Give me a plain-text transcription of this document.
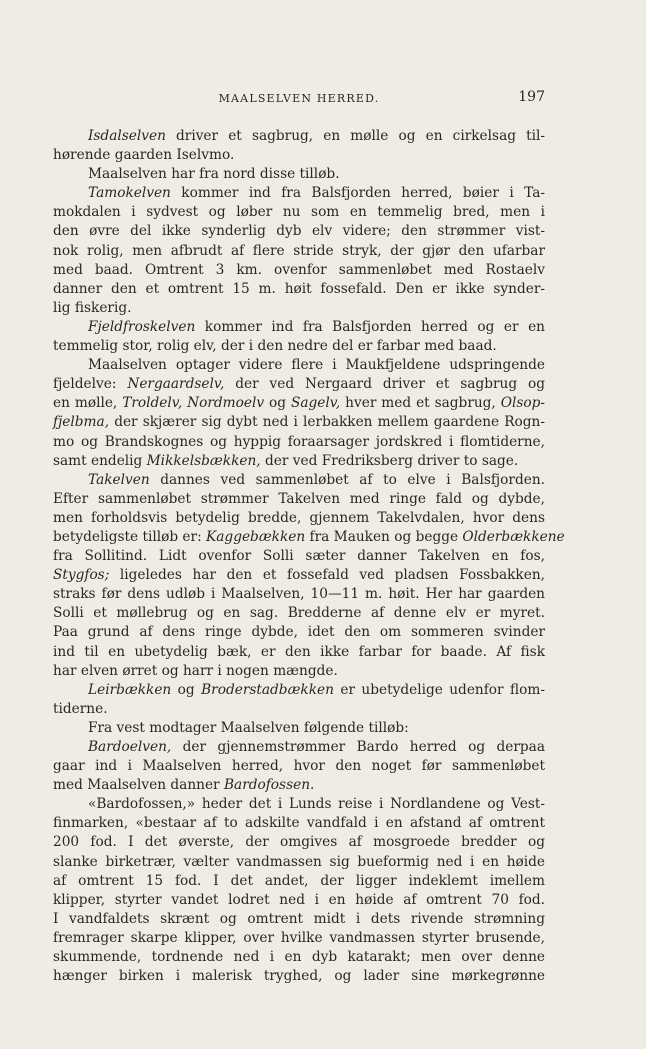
MAALSELVEN HERRED.	197
Isdalselven driver et sagbrug, en mølle og en cirkelsag til-
hørende gaarden Iselvmo.
Maalselven har fra nord disse tilløb.
Tamokelven kommer ind fra Balsfjorden herred, bøier i Ta-
mokdalen i sydvest og løber nu som en temmelig bred, men i
den øvre del ikke synderlig dyb elv videre; den strømmer vist-
nok rolig, men afbrudt af flere stride stryk, der gjør den ufarbar
med baad. Omtrent 3 km. ovenfor sammenløbet med Rostaelv
danner den et omtrent 15 m. høit fossefald. Den er ikke synder-
lig fiskerig.
Fjeldfroskelven kommer ind fra Balsfjorden herred og er en
temmelig stor, rolig elv, der i den nedre del er farbar med baad.
Maalselven optager videre flere i Maukfjeldene udspringende
fjeldelve: Nergaardselv, der ved Nergaard driver et sagbrug og
en mølle, Troldelv, Nordmoelv og Sagelv, hver med et sagbrug, Olsop-
fjelbma, der skjærer sig dybt ned i lerbakken mellem gaardene Rogn-
mo og Brandskognes og hyppig foraarsager jordskred i flomtiderne,
samt endelig Mikkelsbækken, der ved Fredriksberg driver to sage.
Takelven dannes ved sammenløbet af to elve i Balsfjorden.
Efter sammenløbet strømmer Takelven med ringe fald og dybde,
men forholdsvis betydelig bredde, gjennem Takelvdalen, hvor dens
betydeligste tilløb er: Kaggebækken fra Mauken og begge Olderbækkene
fra Sollitind. Lidt ovenfor Solli sæter danner Takelven en fos,
Stygfos; ligeledes har den et fossefald ved pladsen Fossbakken,
straks før dens udløb i Maalselven, 10—11 m. høit. Her har gaarden
Solli et møllebrug og en sag. Bredderne af denne elv er myret.
Paa grund af dens ringe dybde, idet den om sommeren svinder
ind til en ubetydelig bæk, er den ikke farbar for baade. Af fisk
har elven ørret og harr i nogen mængde.
Leirbækken og Broderstadbækken er ubetydelige udenfor flom-
tiderne.
Fra vest modtager Maalselven følgende tilløb:
Bardoelven, der gjennemstrømmer Bardo herred og derpaa
gaar ind i Maalselven herred, hvor den noget før sammenløbet
med Maalselven danner Bardofossen.
«Bardofossen,» heder det i Lunds reise i Nordlandene og Vest-
finmarken, «bestaar af to adskilte vandfald i en afstand af omtrent
200 fod. I det øverste, der omgives af mosgroede bredder og
slanke birketrær, vælter vandmassen sig bueformig ned i en høide
af omtrent 15 fod. I det andet, der ligger indeklemt imellem
klipper, styrter vandet lodret ned i en høide af omtrent 70 fod.
I vandfaldets skrænt og omtrent midt i dets rivende strømning
fremrager skarpe klipper, over hvilke vandmassen styrter brusende,
skummende, tordnende ned i en dyb katarakt; men over denne
hænger birken i malerisk tryghed, og lader sine mørkegrønne
